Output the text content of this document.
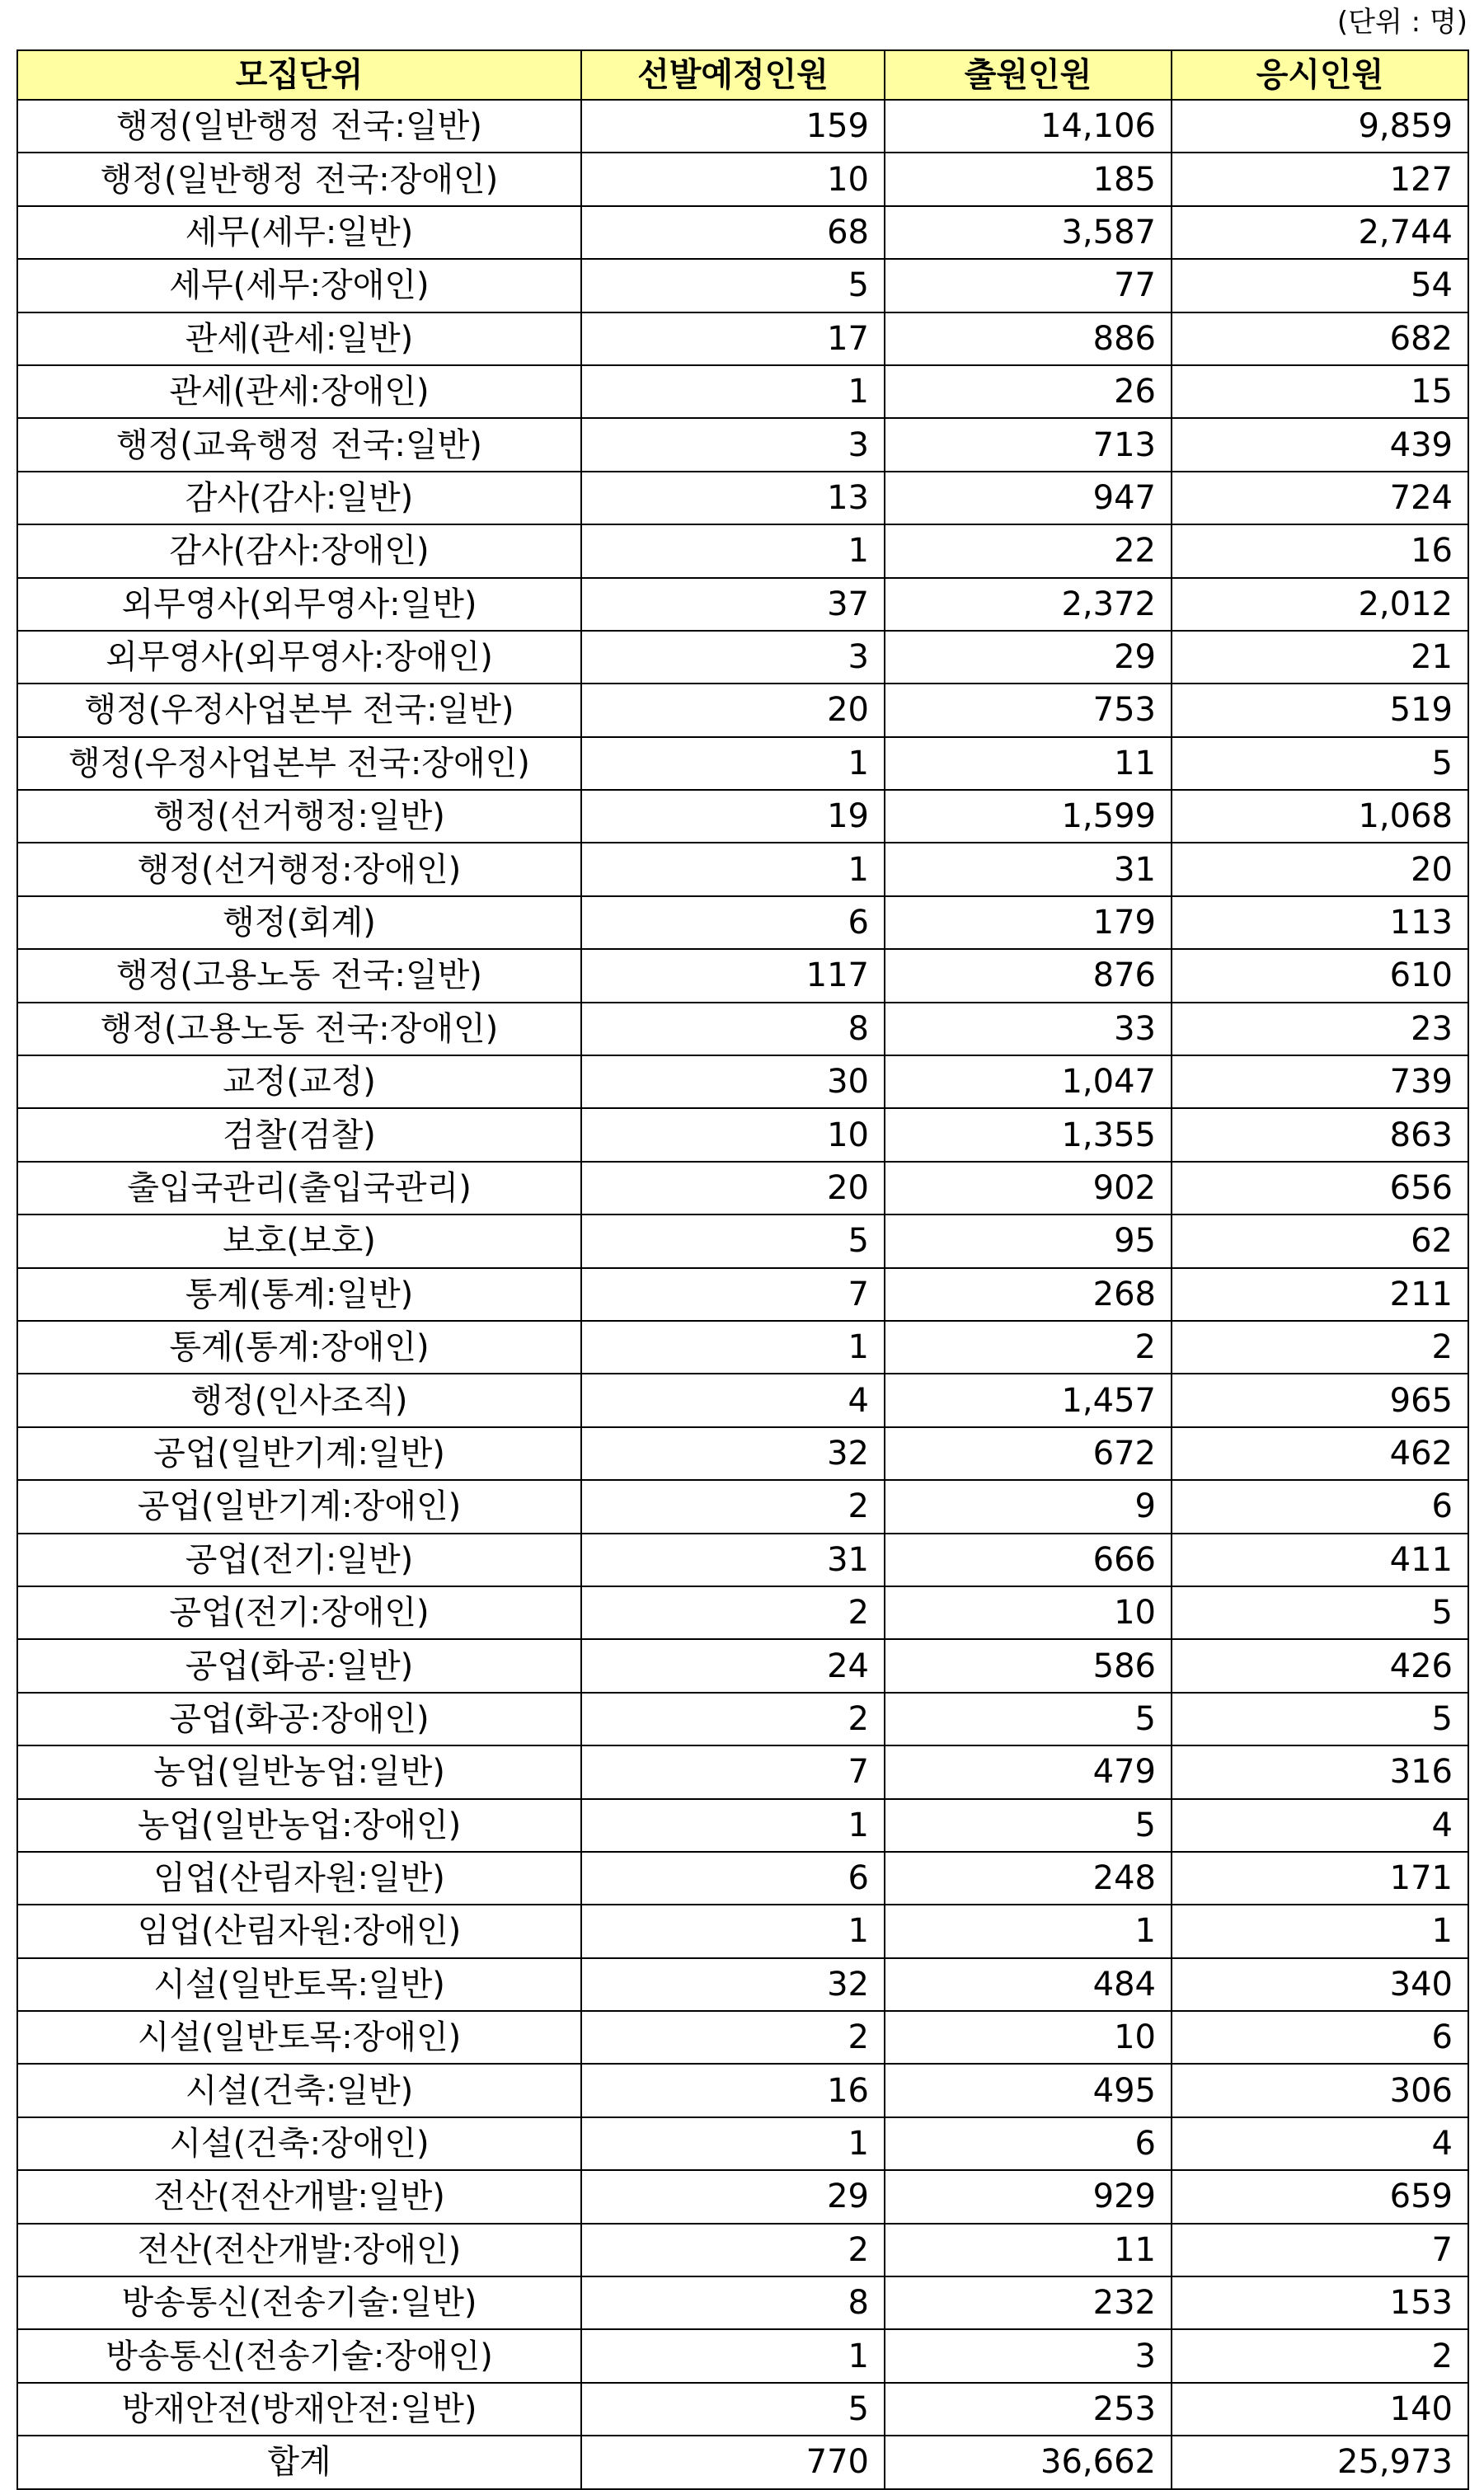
(단위 : 명)
모집단위	선발예정인원	출원인원	응시인원
행정(일반행정 전국:일반)	159	14,106	9,859
행정(일반행정 전국:장애인)	10	185	127
세무(세무:일반)	68	3,587	2,744
세무(세무:장애인)	5	77	54
관세(관세:일반)	17	886	682
관세(관세:장애인)	1	26	15
행정(교육행정 전국:일반)	3	713	439
감사(감사:일반)	13	947	724
감사(감사:장애인)	1	22	16
외무영사(외무영사:일반)	37	2,372	2,012
외무영사(외무영사:장애인)	3	29	21
행정(우정사업본부 전국:일반)	20	753	519
행정(우정사업본부 전국:장애인)	1	11	5
행정(선거행정:일반)	19	1,599	1,068
행정(선거행정:장애인)	1	31	20
행정(회계)	6	179	113
행정(고용노동 전국:일반)	117	876	610
행정(고용노동 전국:장애인)	8	33	23
교정(교정)	30	1,047	739
검찰(검찰)	10	1,355	863
출입국관리(출입국관리)	20	902	656
보호(보호)	5	95	62
통계(통계:일반)	7	268	211
통계(통계:장애인)	1	2	2
행정(인사조직)	4	1,457	965
공업(일반기계:일반)	32	672	462
공업(일반기계:장애인)	2	9	6
공업(전기:일반)	31	666	411
공업(전기:장애인)	2	10	5
공업(화공:일반)	24	586	426
공업(화공:장애인)	2	5	5
농업(일반농업:일반)	7	479	316
농업(일반농업:장애인)	1	5	4
임업(산림자원:일반)	6	248	171
임업(산림자원:장애인)	1	1	1
시설(일반토목:일반)	32	484	340
시설(일반토목:장애인)	2	10	6
시설(건축:일반)	16	495	306
시설(건축:장애인)	1	6	4
전산(전산개발:일반)	29	929	659
전산(전산개발:장애인)	2	11	7
방송통신(전송기술:일반)	8	232	153
방송통신(전송기술:장애인)	1	3	2
방재안전(방재안전:일반)	5	253	140
합계	770	36,662	25,973
